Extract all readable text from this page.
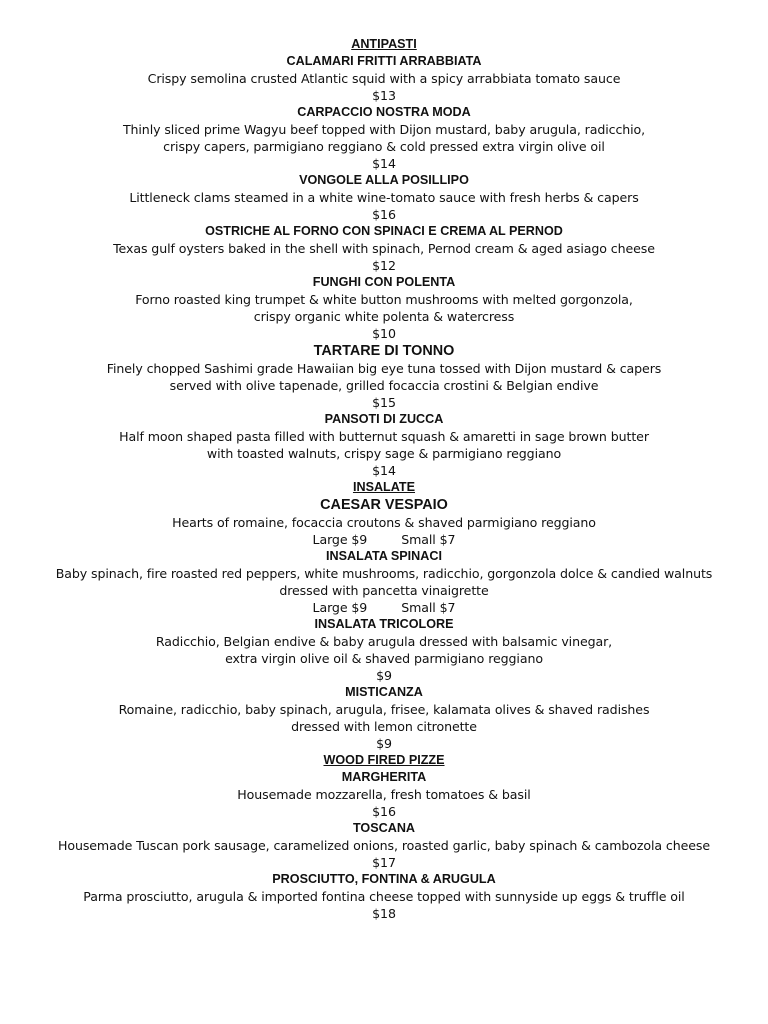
ANTIPASTI
CALAMARI FRITTI ARRABBIATA
Crispy semolina crusted Atlantic squid with a spicy arrabbiata tomato sauce
$13
CARPACCIO NOSTRA MODA
Thinly sliced prime Wagyu beef topped with Dijon mustard, baby arugula, radicchio,
crispy capers, parmigiano reggiano & cold pressed extra virgin olive oil
$14
VONGOLE ALLA POSILLIPO
Littleneck clams steamed in a white wine-tomato sauce with fresh herbs & capers
$16
OSTRICHE AL FORNO CON SPINACI E CREMA AL PERNOD
Texas gulf oysters baked in the shell with spinach, Pernod cream & aged asiago cheese
$12
FUNGHI CON POLENTA
Forno roasted king trumpet & white button mushrooms with melted gorgonzola,
crispy organic white polenta & watercress
$10
TARTARE DI TONNO
Finely chopped Sashimi grade Hawaiian big eye tuna tossed with Dijon mustard & capers
served with olive tapenade, grilled focaccia crostini & Belgian endive
$15
PANSOTI DI ZUCCA
Half moon shaped pasta filled with butternut squash & amaretti in sage brown butter
with toasted walnuts, crispy sage & parmigiano reggiano
$14
INSALATE
CAESAR VESPAIO
Hearts of romaine, focaccia croutons & shaved parmigiano reggiano
Large $9	Small $7
INSALATA SPINACI
Baby spinach, fire roasted red peppers, white mushrooms, radicchio, gorgonzola dolce & candied walnuts
dressed with pancetta vinaigrette
Large $9	Small $7
INSALATA TRICOLORE
Radicchio, Belgian endive & baby arugula dressed with balsamic vinegar,
extra virgin olive oil & shaved parmigiano reggiano
$9
MISTICANZA
Romaine, radicchio, baby spinach, arugula, frisee, kalamata olives & shaved radishes
dressed with lemon citronette
$9
WOOD FIRED PIZZE
MARGHERITA
Housemade mozzarella, fresh tomatoes & basil
$16
TOSCANA
Housemade Tuscan pork sausage, caramelized onions, roasted garlic, baby spinach & cambozola cheese
$17
PROSCIUTTO, FONTINA & ARUGULA
Parma prosciutto, arugula & imported fontina cheese topped with sunnyside up eggs & truffle oil
$18
